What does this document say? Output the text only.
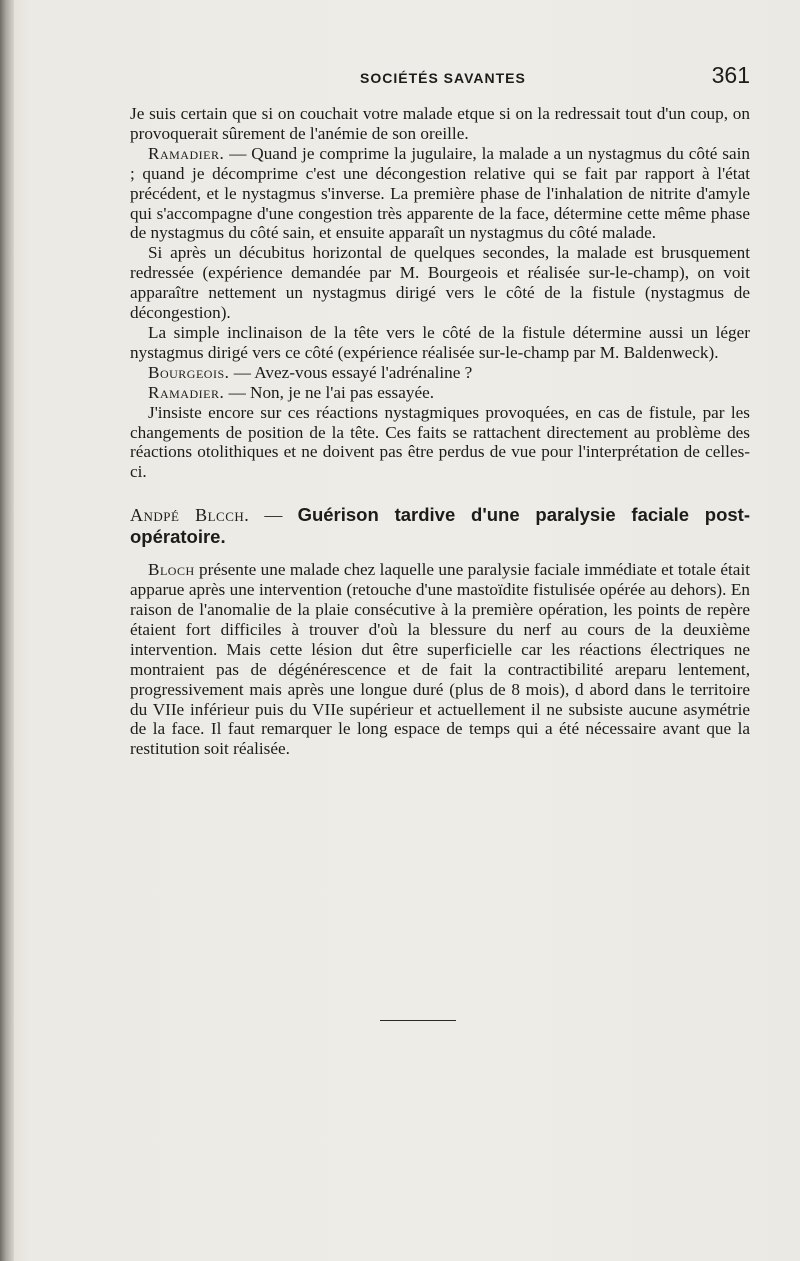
SOCIÉTÉS SAVANTES	361

Je suis certain que si on couchait votre malade etque si on la redressait tout d'un coup, on provoquerait sûrement de l'anémie de son oreille.

Ramadier. — Quand je comprime la jugulaire, la malade a un nystagmus du côté sain ; quand je décomprime c'est une décongestion relative qui se fait par rapport à l'état précédent, et le nystagmus s'inverse. La première phase de l'inhalation de nitrite d'amyle qui s'accompagne d'une congestion très apparente de la face, détermine cette même phase de nystagmus du côté sain, et ensuite apparaît un nystagmus du côté malade.

Si après un décubitus horizontal de quelques secondes, la malade est brusquement redressée (expérience demandée par M. Bourgeois et réalisée sur-le-champ), on voit apparaître nettement un nystagmus dirigé vers le côté de la fistule (nystagmus de décongestion).

La simple inclinaison de la tête vers le côté de la fistule détermine aussi un léger nystagmus dirigé vers ce côté (expérience réalisée sur-le-champ par M. Baldenweck).

Bourgeois. — Avez-vous essayé l'adrénaline ?

Ramadier. — Non, je ne l'ai pas essayée.

J'insiste encore sur ces réactions nystagmiques provoquées, en cas de fistule, par les changements de position de la tête. Ces faits se rattachent directement au problème des réactions otolithiques et ne doivent pas être perdus de vue pour l'interprétation de celles-ci.

Andpé Blcch. — Guérison tardive d'une paralysie faciale post-opératoire.

Bloch présente une malade chez laquelle une paralysie faciale immédiate et totale était apparue après une intervention (retouche d'une mastoïdite fistulisée opérée au dehors). En raison de l'anomalie de la plaie consécutive à la première opération, les points de repère étaient fort difficiles à trouver d'où la blessure du nerf au cours de la deuxième intervention. Mais cette lésion dut être superficielle car les réactions électriques ne montraient pas de dégénérescence et de fait la contractibilité areparu lentement, progressivement mais après une longue duré (plus de 8 mois), d abord dans le territoire du VIIe inférieur puis du VIIe supérieur et actuellement il ne subsiste aucune asymétrie de la face. Il faut remarquer le long espace de temps qui a été nécessaire avant que la restitution soit réalisée.
